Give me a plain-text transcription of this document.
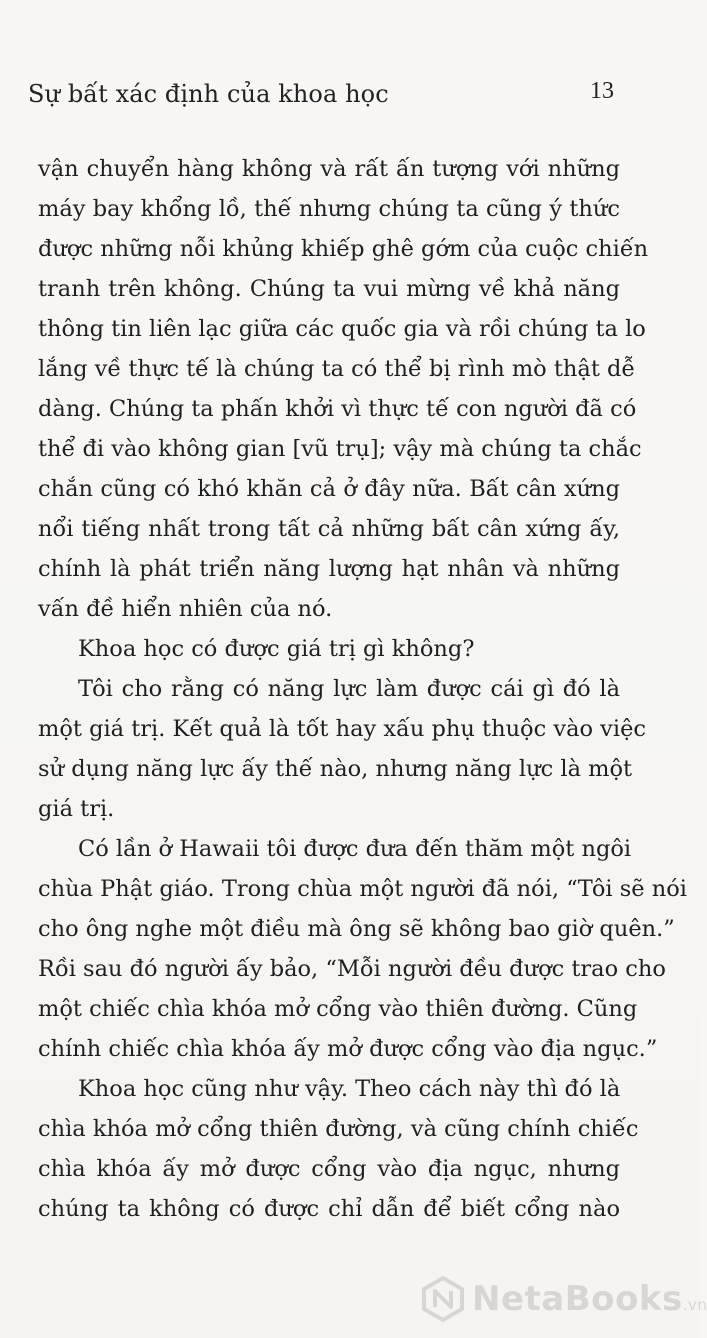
Sự bất xác định của khoa học	13
vận chuyển hàng không và rất ấn tượng với những
máy bay khổng lồ, thế nhưng chúng ta cũng ý thức
được những nỗi khủng khiếp ghê gớm của cuộc chiến
tranh trên không. Chúng ta vui mừng về khả năng
thông tin liên lạc giữa các quốc gia và rồi chúng ta lo
lắng về thực tế là chúng ta có thể bị rình mò thật dễ
dàng. Chúng ta phấn khởi vì thực tế con người đã có
thể đi vào không gian [vũ trụ]; vậy mà chúng ta chắc
chắn cũng có khó khăn cả ở đây nữa. Bất cân xứng
nổi tiếng nhất trong tất cả những bất cân xứng ấy,
chính là phát triển năng lượng hạt nhân và những
vấn đề hiển nhiên của nó.
Khoa học có được giá trị gì không?
Tôi cho rằng có năng lực làm được cái gì đó là
một giá trị. Kết quả là tốt hay xấu phụ thuộc vào việc
sử dụng năng lực ấy thế nào, nhưng năng lực là một
giá trị.
Có lần ở Hawaii tôi được đưa đến thăm một ngôi
chùa Phật giáo. Trong chùa một người đã nói, “Tôi sẽ nói
cho ông nghe một điều mà ông sẽ không bao giờ quên.”
Rồi sau đó người ấy bảo, “Mỗi người đều được trao cho
một chiếc chìa khóa mở cổng vào thiên đường. Cũng
chính chiếc chìa khóa ấy mở được cổng vào địa ngục.”
Khoa học cũng như vậy. Theo cách này thì đó là
chìa khóa mở cổng thiên đường, và cũng chính chiếc
chìa khóa ấy mở được cổng vào địa ngục, nhưng
chúng ta không có được chỉ dẫn để biết cổng nào
NetaBooks.vn
